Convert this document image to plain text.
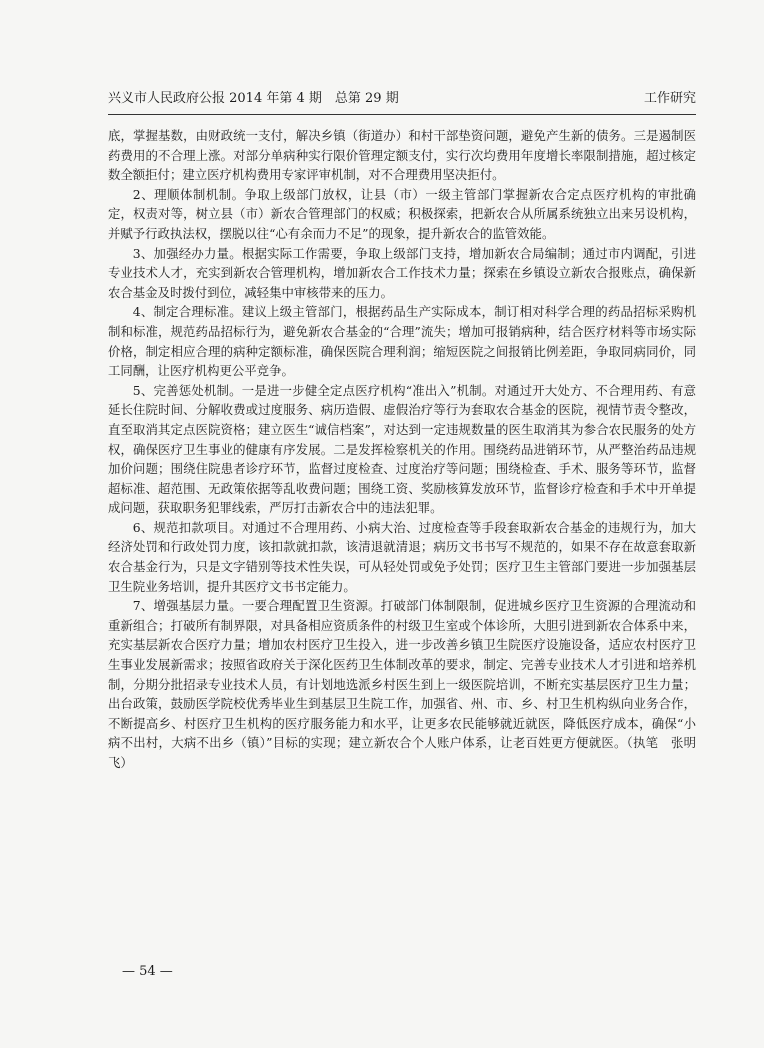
兴义市人民政府公报 2014 年第 4 期　总第 29 期	工作研究

底，掌握基数，由财政统一支付，解决乡镇（街道办）和村干部垫资问题，避免产生新的债务。三是遏制医药费用的不合理上涨。对部分单病种实行限价管理定额支付，实行次均费用年度增长率限制措施，超过核定数全额拒付；建立医疗机构费用专家评审机制，对不合理费用坚决拒付。

2、理顺体制机制。争取上级部门放权，让县（市）一级主管部门掌握新农合定点医疗机构的审批确定，权责对等，树立县（市）新农合管理部门的权威；积极探索，把新农合从所属系统独立出来另设机构，并赋予行政执法权，摆脱以往“心有余而力不足”的现象，提升新农合的监管效能。

3、加强经办力量。根据实际工作需要，争取上级部门支持，增加新农合局编制；通过市内调配，引进专业技术人才，充实到新农合管理机构，增加新农合工作技术力量；探索在乡镇设立新农合报账点，确保新农合基金及时拨付到位，减轻集中审核带来的压力。

4、制定合理标准。建议上级主管部门，根据药品生产实际成本，制订相对科学合理的药品招标采购机制和标准，规范药品招标行为，避免新农合基金的“合理”流失；增加可报销病种，结合医疗材料等市场实际价格，制定相应合理的病种定额标准，确保医院合理利润；缩短医院之间报销比例差距，争取同病同价，同工同酬，让医疗机构更公平竞争。

5、完善惩处机制。一是进一步健全定点医疗机构“准出入”机制。对通过开大处方、不合理用药、有意延长住院时间、分解收费或过度服务、病历造假、虚假治疗等行为套取农合基金的医院，视情节责令整改，直至取消其定点医院资格；建立医生“诚信档案”，对达到一定违规数量的医生取消其为参合农民服务的处方权，确保医疗卫生事业的健康有序发展。二是发挥检察机关的作用。围绕药品进销环节，从严整治药品违规加价问题；围绕住院患者诊疗环节，监督过度检查、过度治疗等问题；围绕检查、手术、服务等环节，监督超标准、超范围、无政策依据等乱收费问题；围绕工资、奖励核算发放环节，监督诊疗检查和手术中开单提成问题，获取职务犯罪线索，严厉打击新农合中的违法犯罪。

6、规范扣款项目。对通过不合理用药、小病大治、过度检查等手段套取新农合基金的违规行为，加大经济处罚和行政处罚力度，该扣款就扣款，该清退就清退；病历文书书写不规范的，如果不存在故意套取新农合基金行为，只是文字错别等技术性失误，可从轻处罚或免予处罚；医疗卫生主管部门要进一步加强基层卫生院业务培训，提升其医疗文书书定能力。

7、增强基层力量。一要合理配置卫生资源。打破部门体制限制，促进城乡医疗卫生资源的合理流动和重新组合；打破所有制界限，对具备相应资质条件的村级卫生室或个体诊所，大胆引进到新农合体系中来，充实基层新农合医疗力量；增加农村医疗卫生投入，进一步改善乡镇卫生院医疗设施设备，适应农村医疗卫生事业发展新需求；按照省政府关于深化医药卫生体制改革的要求，制定、完善专业技术人才引进和培养机制，分期分批招录专业技术人员，有计划地选派乡村医生到上一级医院培训，不断充实基层医疗卫生力量；出台政策，鼓励医学院校优秀毕业生到基层卫生院工作，加强省、州、市、乡、村卫生机构纵向业务合作，不断提高乡、村医疗卫生机构的医疗服务能力和水平，让更多农民能够就近就医，降低医疗成本，确保“小病不出村，大病不出乡（镇）”目标的实现；建立新农合个人账户体系，让老百姓更方便就医。（执笔　张明飞）

— 54 —
